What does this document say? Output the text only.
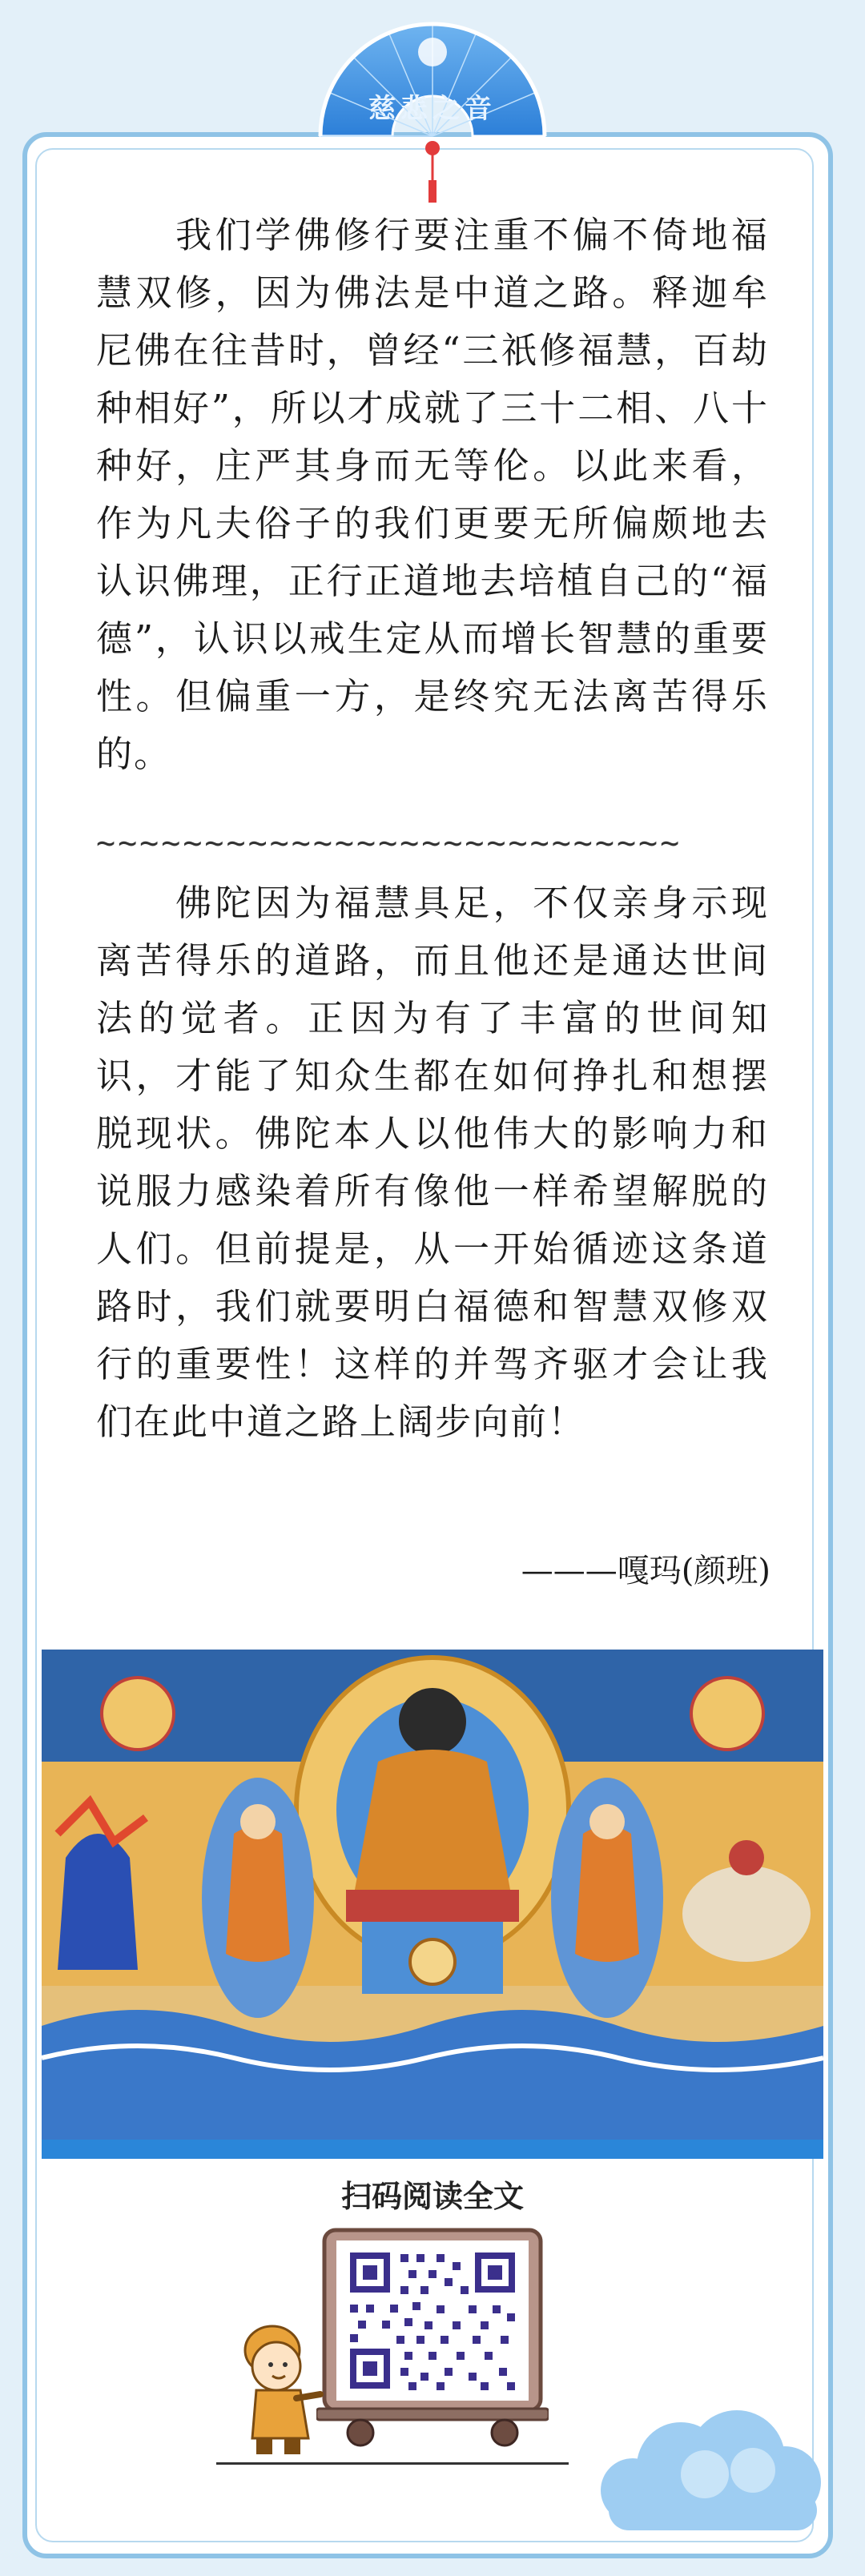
慈悲之音
　　我们学佛修行要注重不偏不倚地福慧双修，因为佛法是中道之路。释迦牟尼佛在往昔时，曾经“三祇修福慧，百劫种相好”，所以才成就了三十二相、八十种好，庄严其身而无等伦。以此来看，作为凡夫俗子的我们更要无所偏颇地去认识佛理，正行正道地去培植自己的“福德”，认识以戒生定从而增长智慧的重要性。但偏重一方，是终究无法离苦得乐的。
~~~~~~~~~~~~~~~~~~~~~~~~~~~
　　佛陀因为福慧具足，不仅亲身示现离苦得乐的道路，而且他还是通达世间法的觉者。正因为有了丰富的世间知识，才能了知众生都在如何挣扎和想摆脱现状。佛陀本人以他伟大的影响力和说服力感染着所有像他一样希望解脱的人们。但前提是，从一开始循迹这条道路时，我们就要明白福德和智慧双修双行的重要性！这样的并驾齐驱才会让我们在此中道之路上阔步向前！
———嘎玛(颜班)
扫码阅读全文
